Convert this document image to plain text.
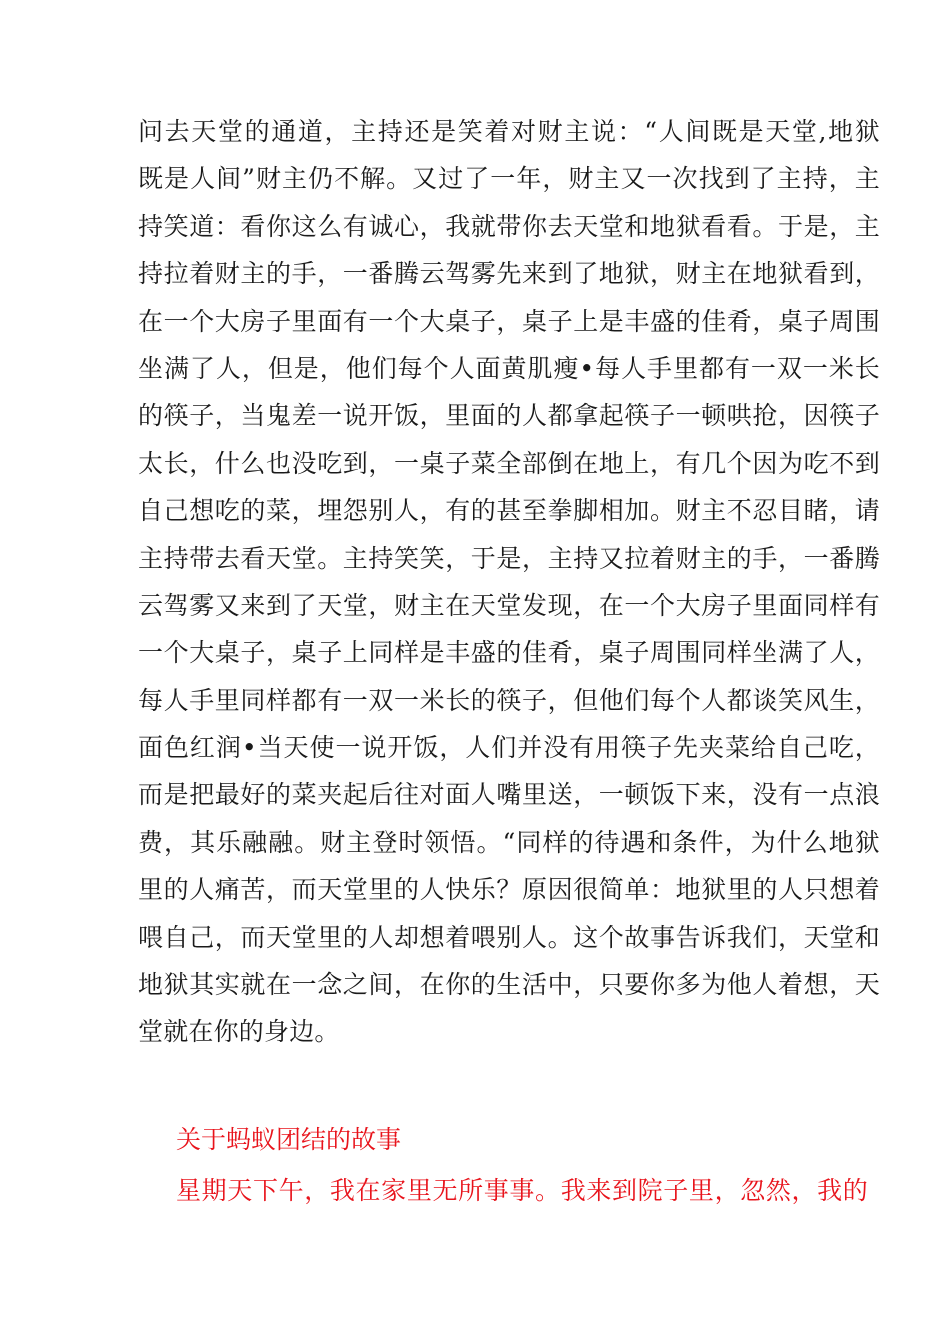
问去天堂的通道，主持还是笑着对财主说：“人间既是天堂,地狱
既是人间”财主仍不解。又过了一年，财主又一次找到了主持，主
持笑道：看你这么有诚心，我就带你去天堂和地狱看看。于是，主
持拉着财主的手，一番腾云驾雾先来到了地狱，财主在地狱看到，
在一个大房子里面有一个大桌子，桌子上是丰盛的佳肴，桌子周围
坐满了人，但是，他们每个人面黄肌瘦•每人手里都有一双一米长
的筷子，当鬼差一说开饭，里面的人都拿起筷子一顿哄抢，因筷子
太长，什么也没吃到，一桌子菜全部倒在地上，有几个因为吃不到
自己想吃的菜，埋怨别人，有的甚至拳脚相加。财主不忍目睹，请
主持带去看天堂。主持笑笑，于是，主持又拉着财主的手，一番腾
云驾雾又来到了天堂，财主在天堂发现，在一个大房子里面同样有
一个大桌子，桌子上同样是丰盛的佳肴，桌子周围同样坐满了人，
每人手里同样都有一双一米长的筷子，但他们每个人都谈笑风生，
面色红润•当天使一说开饭，人们并没有用筷子先夹菜给自己吃，
而是把最好的菜夹起后往对面人嘴里送，一顿饭下来，没有一点浪
费，其乐融融。财主登时领悟。“同样的待遇和条件，为什么地狱
里的人痛苦，而天堂里的人快乐？原因很简单：地狱里的人只想着
喂自己，而天堂里的人却想着喂别人。这个故事告诉我们，天堂和
地狱其实就在一念之间，在你的生活中，只要你多为他人着想，天
堂就在你的身边。
关于蚂蚁团结的故事
星期天下午，我在家里无所事事。我来到院子里，忽然，我的
